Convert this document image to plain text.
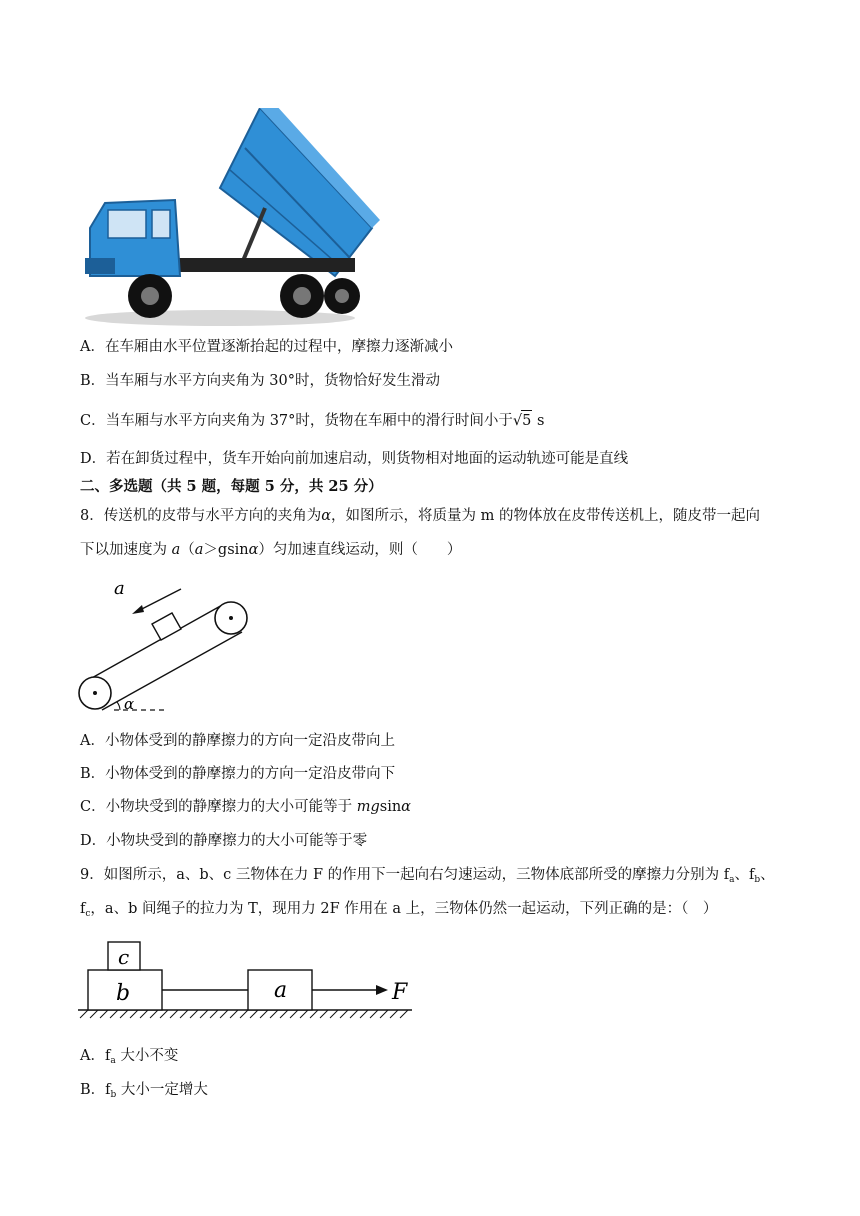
A．在车厢由水平位置逐渐抬起的过程中，摩擦力逐渐减小
B．当车厢与水平方向夹角为 30°时，货物恰好发生滑动
C．当车厢与水平方向夹角为 37°时，货物在车厢中的滑行时间小于√5 s
D．若在卸货过程中，货车开始向前加速启动，则货物相对地面的运动轨迹可能是直线
二、多选题（共 5 题，每题 5 分，共 25 分）
8．传送机的皮带与水平方向的夹角为α，如图所示，将质量为 m 的物体放在皮带传送机上，随皮带一起向
下以加速度为 a（a＞gsinα）匀加速直线运动，则（　　）
a
α
A．小物体受到的静摩擦力的方向一定沿皮带向上
B．小物体受到的静摩擦力的方向一定沿皮带向下
C．小物块受到的静摩擦力的大小可能等于 mgsinα
D．小物块受到的静摩擦力的大小可能等于零
9．如图所示，a、b、c 三物体在力 F 的作用下一起向右匀速运动，三物体底部所受的摩擦力分别为 $f_a$、$f_b$、
$f_c$，a、b 间绳子的拉力为 T，现用力 2F 作用在 a 上，三物体仍然一起运动，下列正确的是：（　）
c
b	a	F
A．$f_a$ 大小不变
B．$f_b$ 大小一定增大
